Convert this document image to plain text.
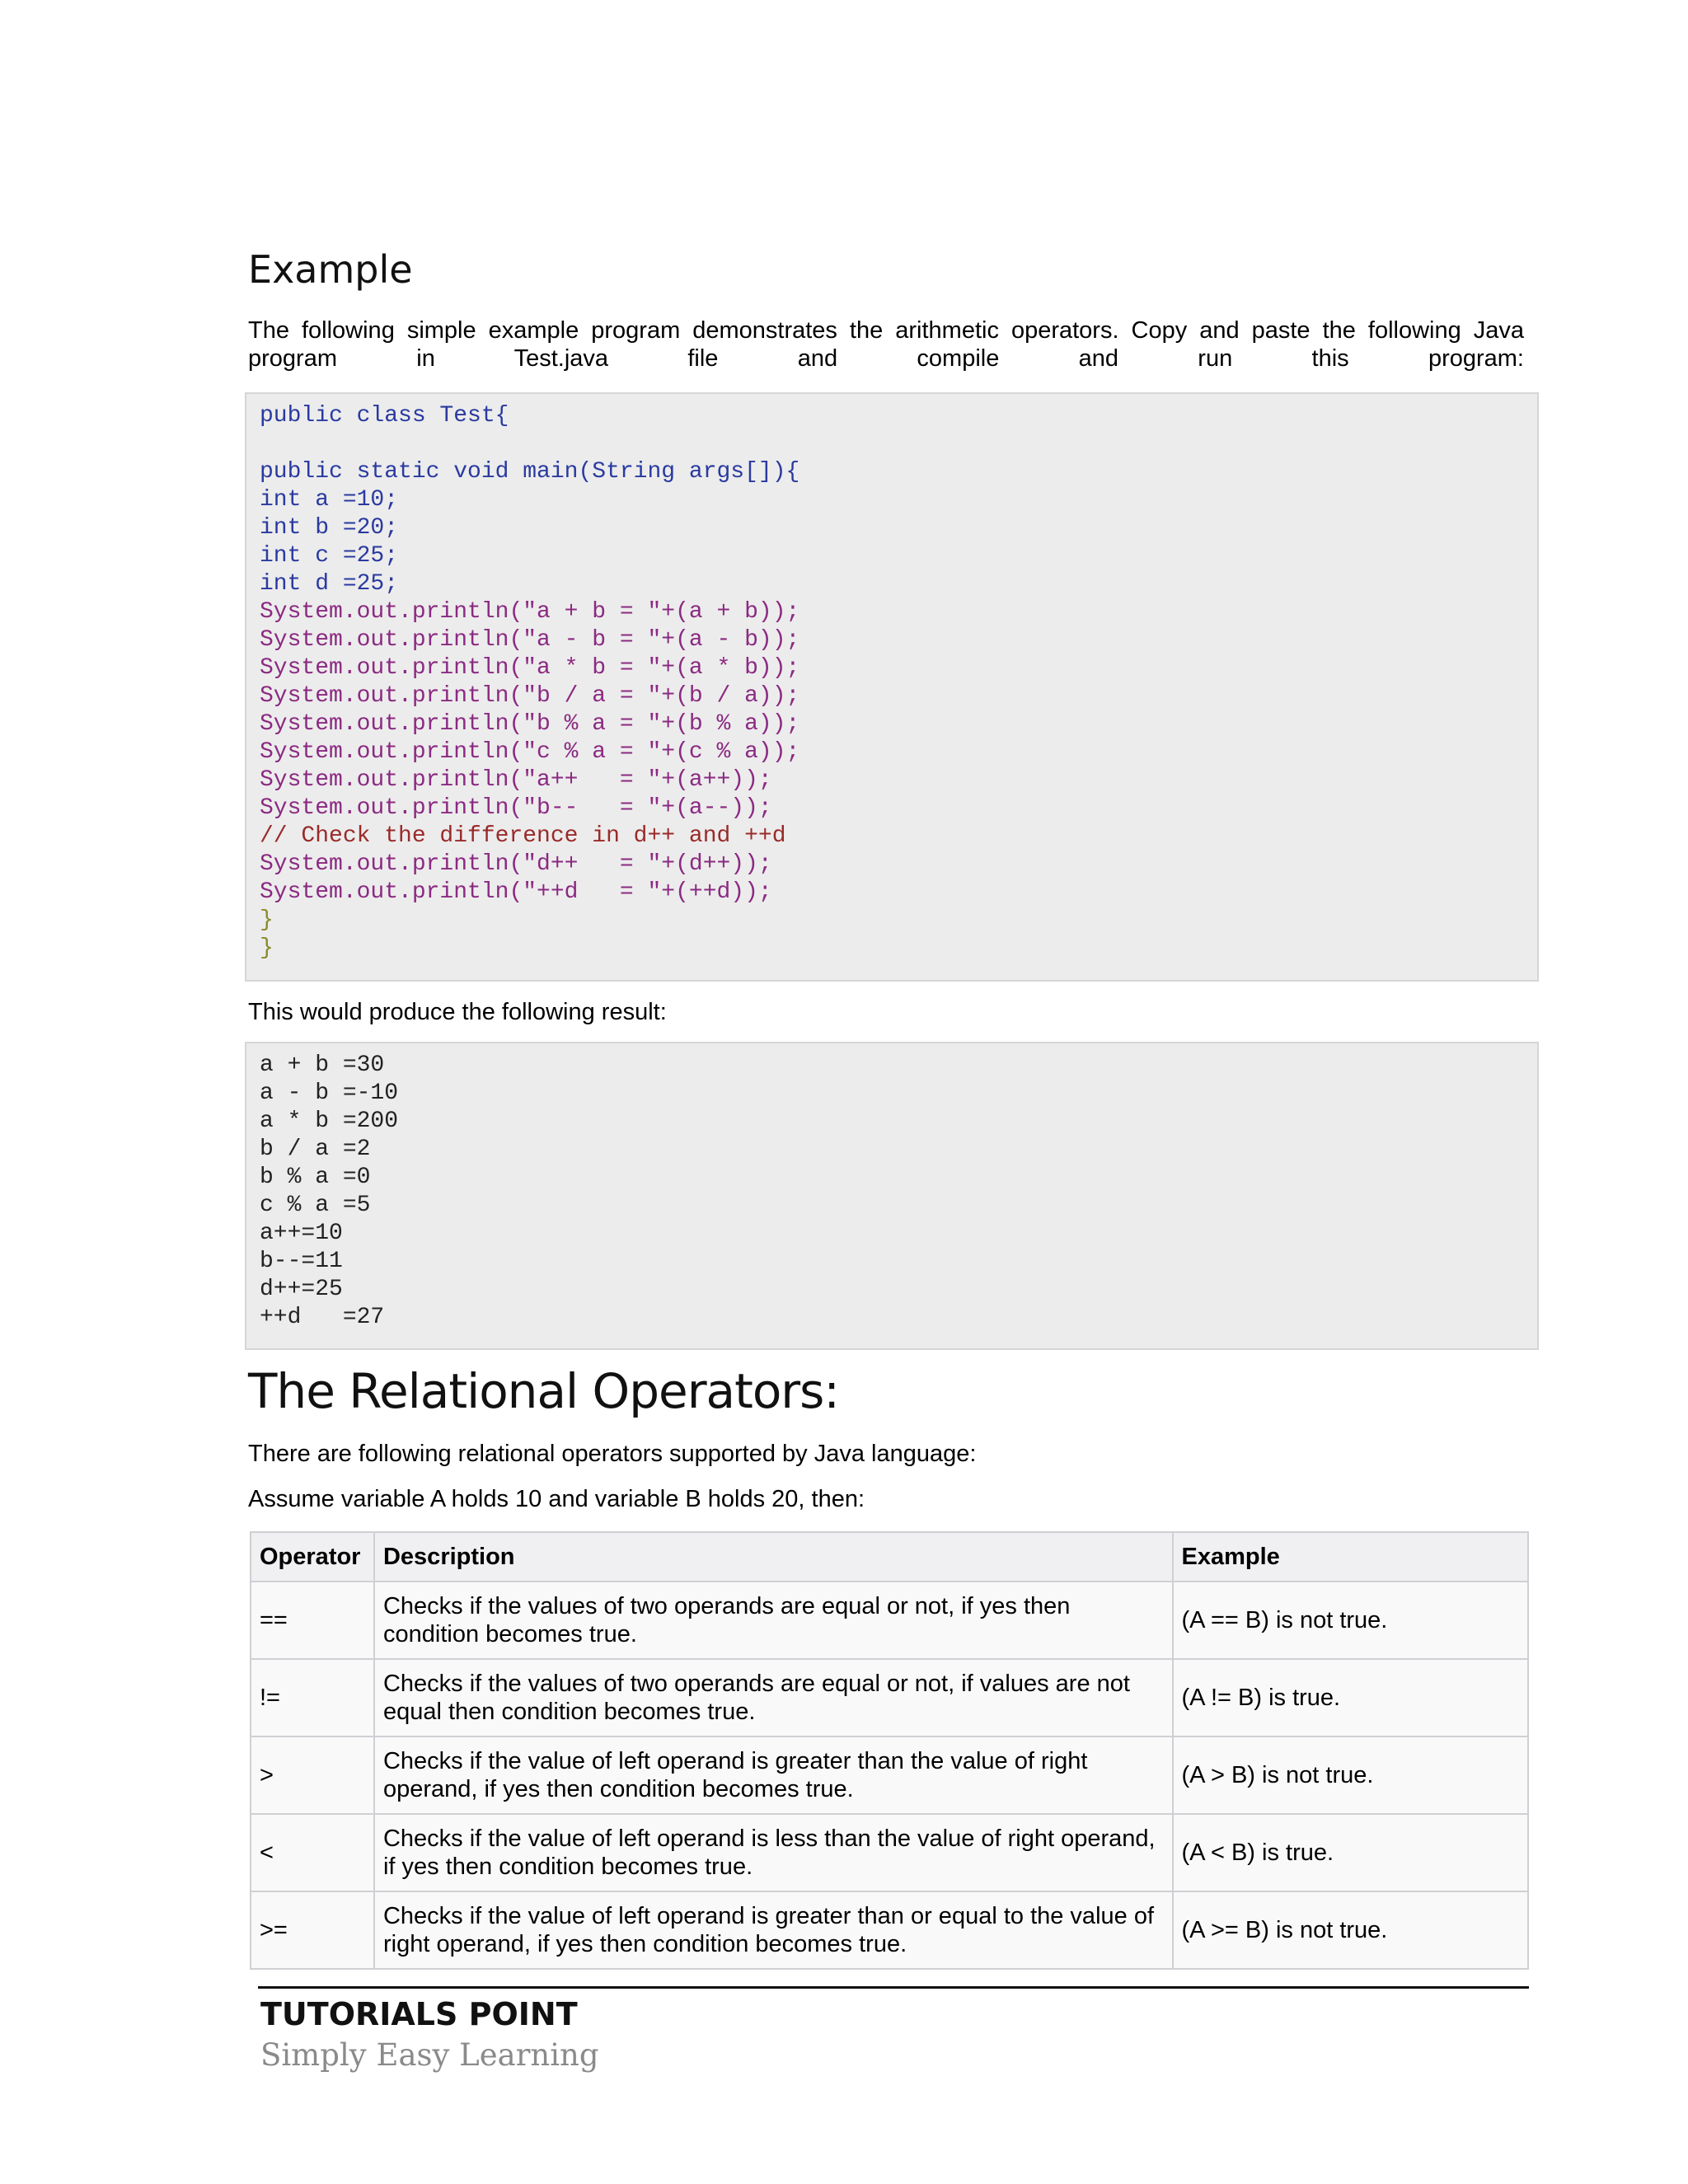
Example

The following simple example program demonstrates the arithmetic operators. Copy and paste the following Java program in Test.java file and compile and run this program:

public class Test{
public static void main(String args[]){
int a =10;
int b =20;
int c =25;
int d =25;
System.out.println("a + b = "+(a + b));
System.out.println("a - b = "+(a - b));
System.out.println("a * b = "+(a * b));
System.out.println("b / a = "+(b / a));
System.out.println("b % a = "+(b % a));
System.out.println("c % a = "+(c % a));
System.out.println("a++   = "+(a++));
System.out.println("b--   = "+(a--));
// Check the difference in d++ and ++d
System.out.println("d++   = "+(d++));
System.out.println("++d   = "+(++d));
}
}

This would produce the following result:

a + b =30
a - b =-10
a * b =200
b / a =2
b % a =0
c % a =5
a++=10
b--=11
d++=25
++d   =27
The Relational Operators:

There are following relational operators supported by Java language:

Assume variable A holds 10 and variable B holds 20, then:

Operator	Description	Example
==	Checks if the values of two operands are equal or not, if yes then condition becomes true.	(A == B) is not true.
!=	Checks if the values of two operands are equal or not, if values are not equal then condition becomes true.	(A != B) is true.
>	Checks if the value of left operand is greater than the value of right operand, if yes then condition becomes true.	(A > B) is not true.
<	Checks if the value of left operand is less than the value of right operand, if yes then condition becomes true.	(A < B) is true.
>=	Checks if the value of left operand is greater than or equal to the value of right operand, if yes then condition becomes true.	(A >= B) is not true.
TUTORIALS POINT
Simply Easy Learning
